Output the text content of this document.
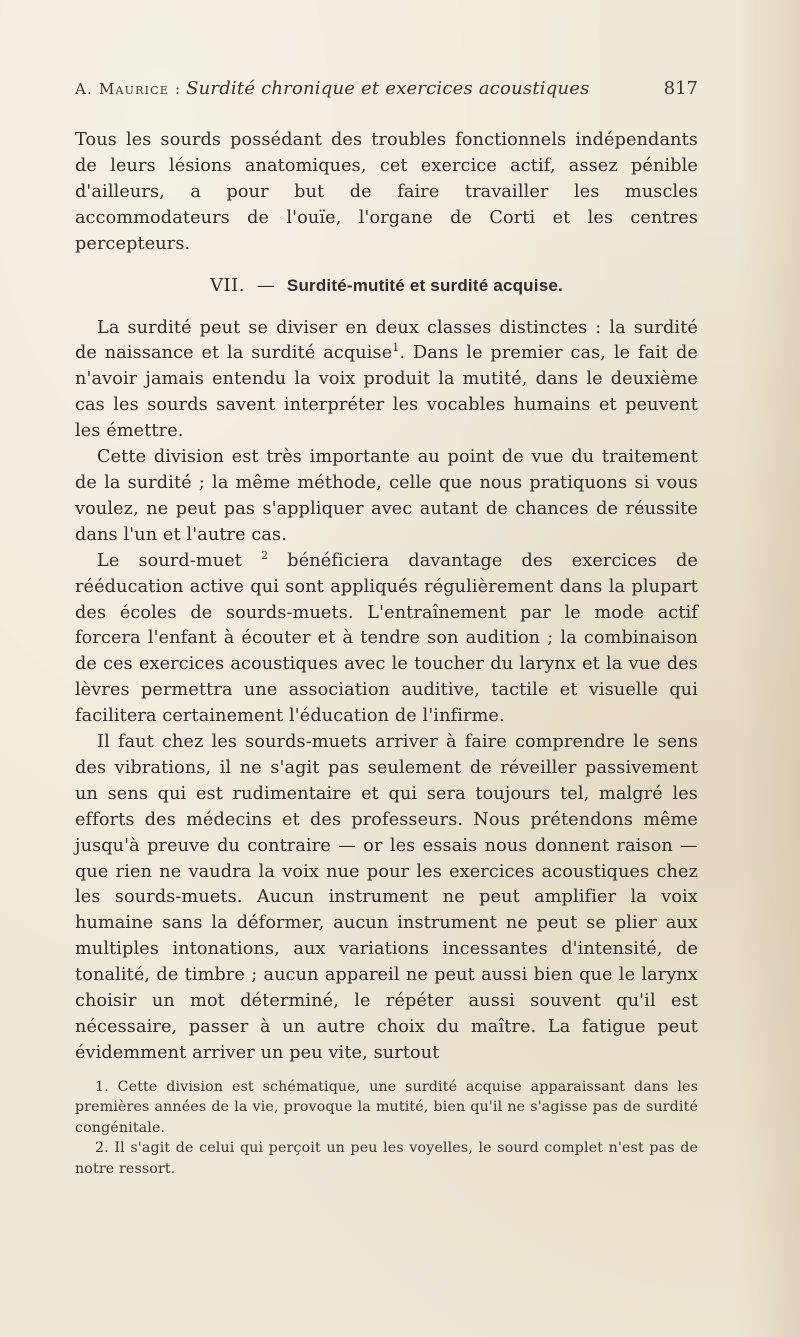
A. Maurice : Surdité chronique et exercices acoustiques	817

Tous les sourds possédant des troubles fonctionnels indépendants de leurs lésions anatomiques, cet exercice actif, assez pénible d'ailleurs, a pour but de faire travailler les muscles accommodateurs de l'ouïe, l'organe de Corti et les centres percepteurs.

VII. — Surdité-mutité et surdité acquise.

La surdité peut se diviser en deux classes distinctes : la surdité de naissance et la surdité acquise$^1$. Dans le premier cas, le fait de n'avoir jamais entendu la voix produit la mutité, dans le deuxième cas les sourds savent interpréter les vocables humains et peuvent les émettre.

Cette division est très importante au point de vue du traitement de la surdité ; la même méthode, celle que nous pratiquons si vous voulez, ne peut pas s'appliquer avec autant de chances de réussite dans l'un et l'autre cas.

Le sourd-muet $^2$ bénéficiera davantage des exercices de rééducation active qui sont appliqués régulièrement dans la plupart des écoles de sourds-muets. L'entraînement par le mode actif forcera l'enfant à écouter et à tendre son audition ; la combinaison de ces exercices acoustiques avec le toucher du larynx et la vue des lèvres permettra une association auditive, tactile et visuelle qui facilitera certainement l'éducation de l'infirme.

Il faut chez les sourds-muets arriver à faire comprendre le sens des vibrations, il ne s'agit pas seulement de réveiller passivement un sens qui est rudimentaire et qui sera toujours tel, malgré les efforts des médecins et des professeurs. Nous prétendons même jusqu'à preuve du contraire — or les essais nous donnent raison — que rien ne vaudra la voix nue pour les exercices acoustiques chez les sourds-muets. Aucun instrument ne peut amplifier la voix humaine sans la déformer, aucun instrument ne peut se plier aux multiples intonations, aux variations incessantes d'intensité, de tonalité, de timbre ; aucun appareil ne peut aussi bien que le larynx choisir un mot déterminé, le répéter aussi souvent qu'il est nécessaire, passer à un autre choix du maître. La fatigue peut évidemment arriver un peu vite, surtout

1. Cette division est schématique, une surdité acquise apparaissant dans les premières années de la vie, provoque la mutité, bien qu'il ne s'agisse pas de surdité congénitale.

2. Il s'agit de celui qui perçoit un peu les voyelles, le sourd complet n'est pas de notre ressort.
